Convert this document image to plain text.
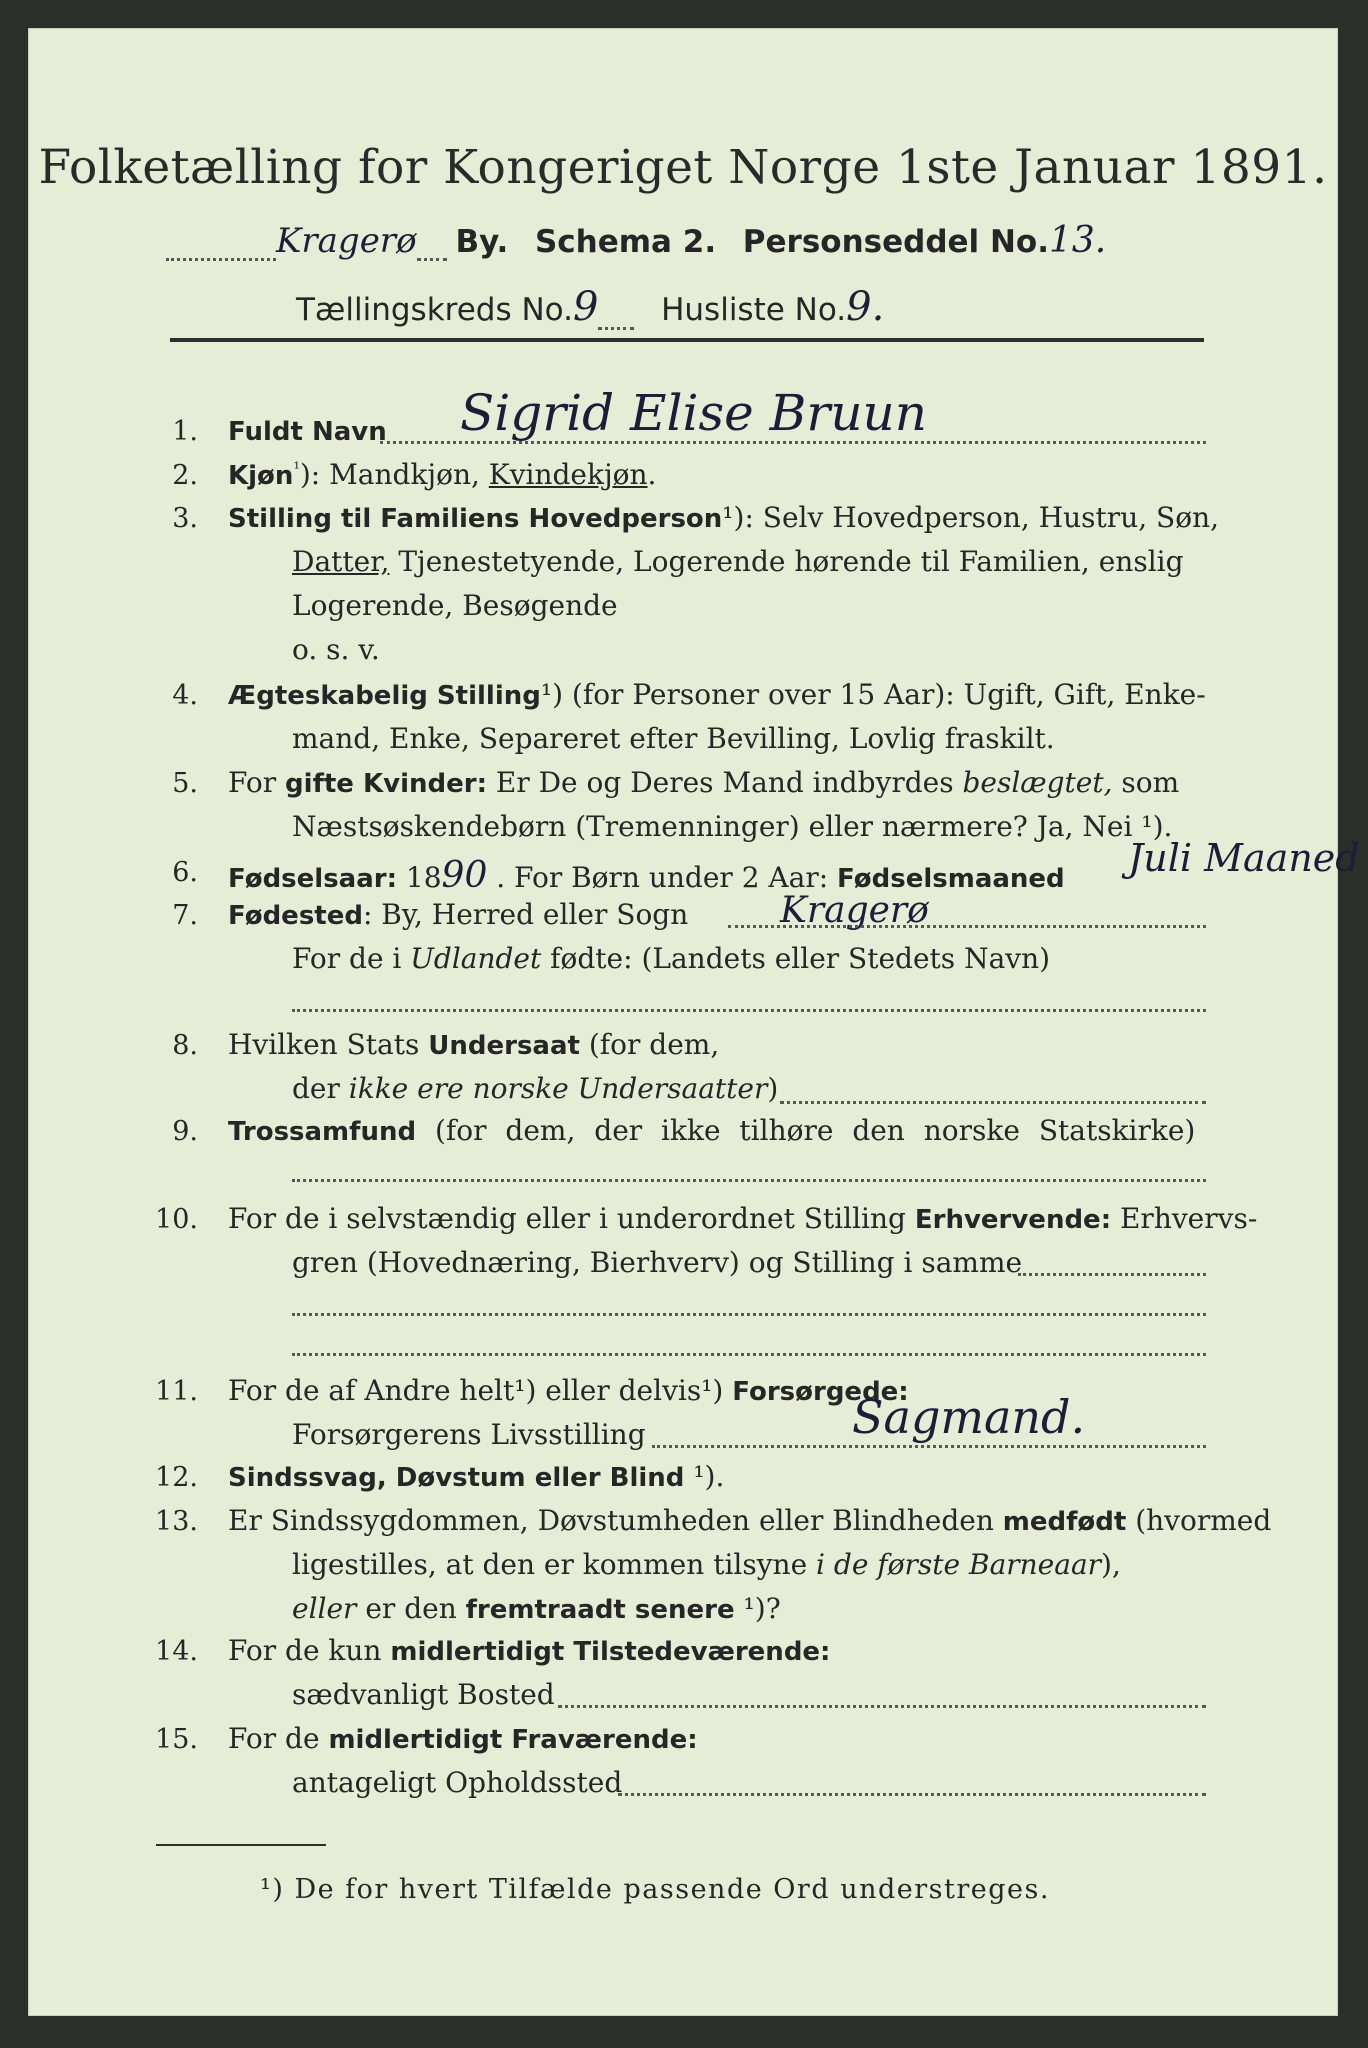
Folketælling for Kongeriget Norge 1ste Januar 1891.
Kragerø By. Schema 2. Personseddel No.13.
Tællingskreds No.9 Husliste No.9.
1. Fuldt Navn Sigrid Elise Bruun
2. Kjøn$^{^1}$): Mandkjøn, Kvindekjøn.
3. Stilling til Familiens Hovedperson¹): Selv Hovedperson, Hustru, Søn,
Datter, Tjenestetyende, Logerende hørende til Familien, enslig
Logerende, Besøgende
o. s. v.
4. Ægteskabelig Stilling¹) (for Personer over 15 Aar): Ugift, Gift, Enke-
mand, Enke, Separeret efter Bevilling, Lovlig fraskilt.
5. For gifte Kvinder: Er De og Deres Mand indbyrdes beslægtet, som
Næstsøskendebørn (Tremenninger) eller nærmere? Ja, Nei ¹).
6. Fødselsaar: 1890 . For Børn under 2 Aar: Fødselsmaaned Juli Maaned
7. Fødested: By, Herred eller Sogn	Kragerø
For de i Udlandet fødte: (Landets eller Stedets Navn)
8. Hvilken Stats Undersaat (for dem,
der ikke ere norske Undersaatter)
9. Trossamfund (for dem, der ikke tilhøre den norske Statskirke)
10. For de i selvstændig eller i underordnet Stilling Erhvervende: Erhvervs-
gren (Hovednæring, Bierhverv) og Stilling i samme
11. For de af Andre helt¹) eller delvis¹) Forsørgede:
Forsørgerens Livsstilling	Sagmand.
12. Sindssvag, Døvstum eller Blind ¹).
13. Er Sindssygdommen, Døvstumheden eller Blindheden medfødt (hvormed
ligestilles, at den er kommen tilsyne i de første Barneaar),
eller er den fremtraadt senere ¹)?
14. For de kun midlertidigt Tilstedeværende:
sædvanligt Bosted
15. For de midlertidigt Fraværende:
antageligt Opholdssted
¹) De for hvert Tilfælde passende Ord understreges.
